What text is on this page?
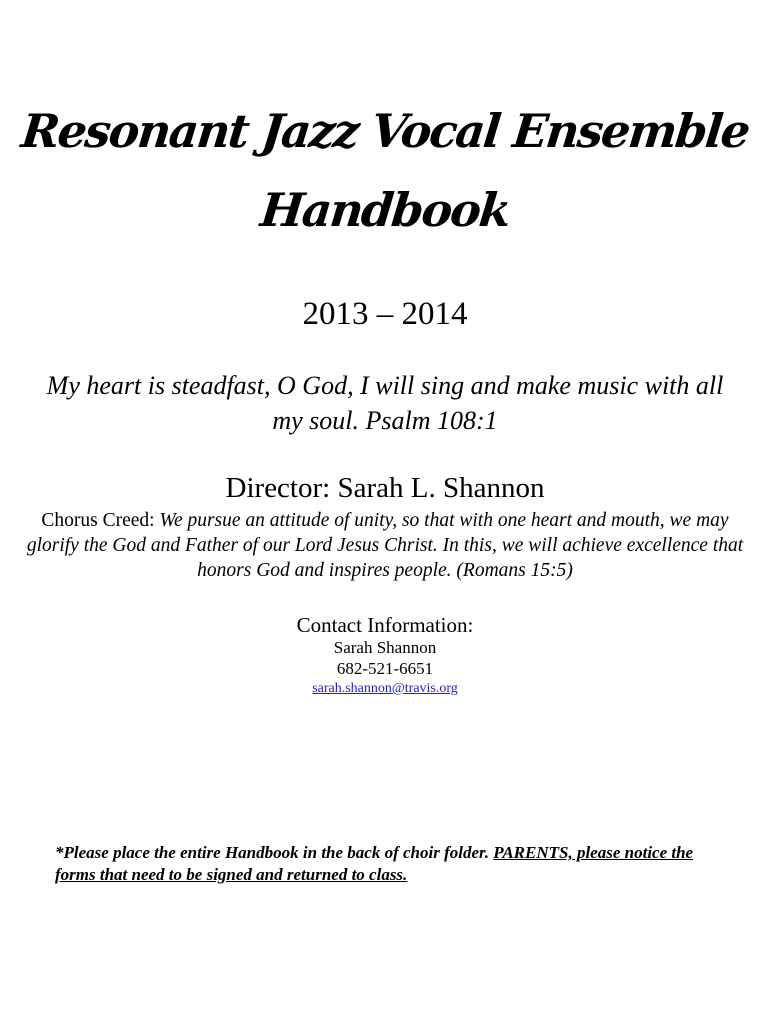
Resonant Jazz Vocal Ensemble
Handbook
2013 – 2014
My heart is steadfast, O God, I will sing and make music with all my soul. Psalm 108:1
Director: Sarah L. Shannon
Chorus Creed: We pursue an attitude of unity, so that with one heart and mouth, we may glorify the God and Father of our Lord Jesus Christ. In this, we will achieve excellence that honors God and inspires people. (Romans 15:5)
Contact Information:
Sarah Shannon
682-521-6651
sarah.shannon@travis.org
*Please place the entire Handbook in the back of choir folder. PARENTS, please notice the forms that need to be signed and returned to class.
